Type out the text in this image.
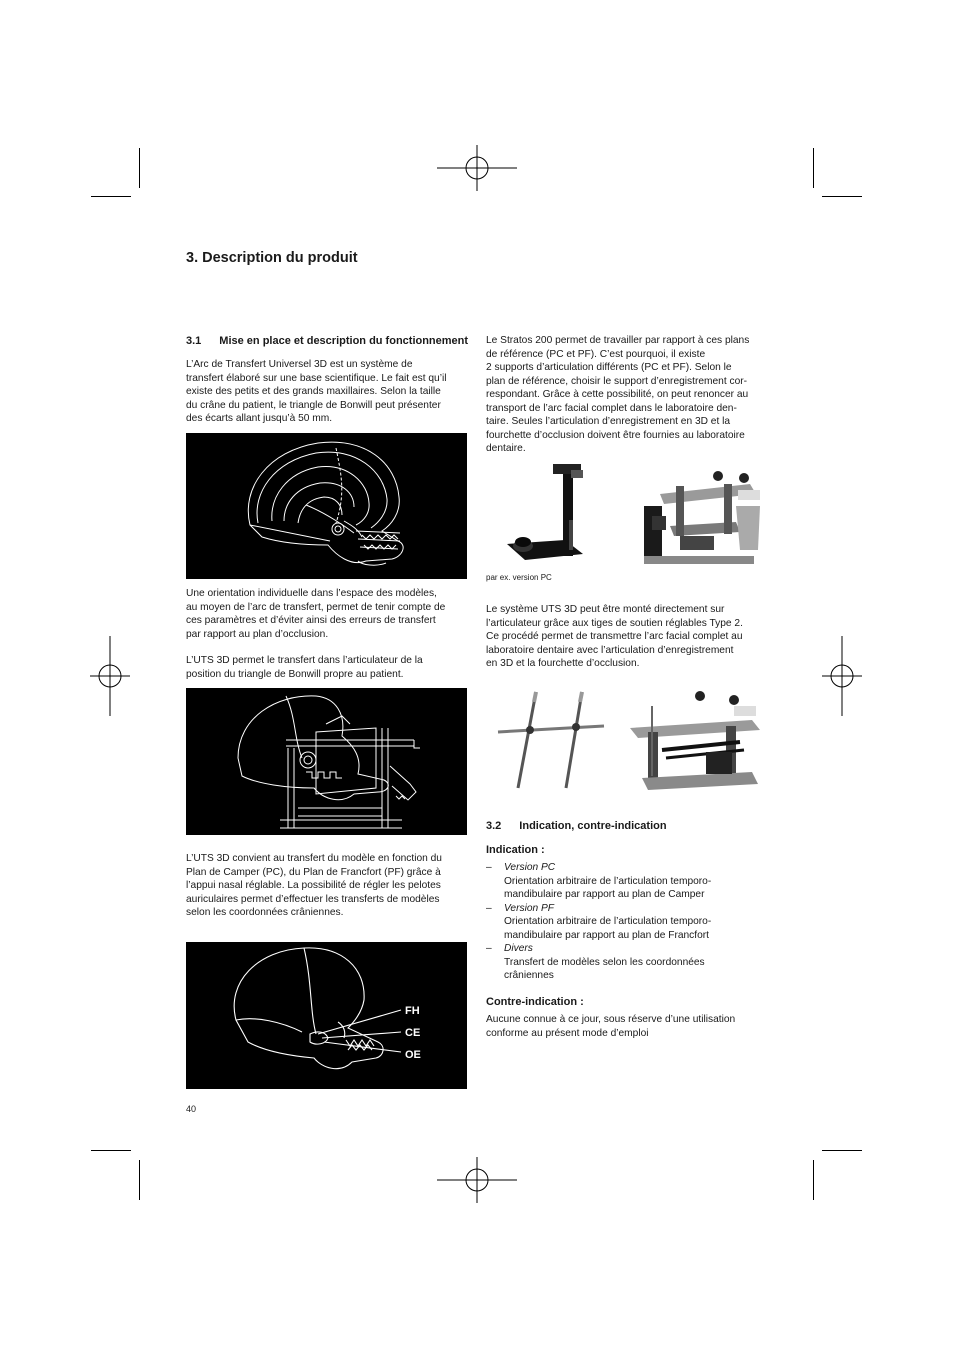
3. Description du produit
3.1 Mise en place et description du fonctionnement
L’Arc de Transfert Universel 3D est un système de
transfert élaboré sur une base scientifique. Le fait est qu’il
existe des petits et des grands maxillaires. Selon la taille
du crâne du patient, le triangle de Bonwill peut présenter
des écarts allant jusqu’à 50 mm.
Une orientation individuelle dans l’espace des modèles,
au moyen de l’arc de transfert, permet de tenir compte de
ces paramètres et d’éviter ainsi des erreurs de transfert
par rapport au plan d’occlusion.
L’UTS 3D permet le transfert dans l’articulateur de la
position du triangle de Bonwill propre au patient.
L’UTS 3D convient au transfert du modèle en fonction du
Plan de Camper (PC), du Plan de Francfort (PF) grâce à
l’appui nasal réglable. La possibilité de régler les pelotes
auriculaires permet d’effectuer les transferts de modèles
selon les coordonnées crâniennes.
FH
CE
OE
40
Le Stratos 200 permet de travailler par rapport à ces plans
de référence (PC et PF). C’est pourquoi, il existe
2 supports d’articulation différents (PC et PF). Selon le
plan de référence, choisir le support d’enregistrement cor-
respondant. Grâce à cette possibilité, on peut renoncer au
transport de l’arc facial complet dans le laboratoire den-
taire. Seules l’articulation d’enregistrement en 3D et la
fourchette d’occlusion doivent être fournies au laboratoire
dentaire.
par ex. version PC
Le système UTS 3D peut être monté directement sur
l’articulateur grâce aux tiges de soutien réglables Type 2.
Ce procédé permet de transmettre l’arc facial complet au
laboratoire dentaire avec l’articulation d’enregistrement
en 3D et la fourchette d’occlusion.
3.2 Indication, contre-indication
Indication :
– Version PC
Orientation arbitraire de l’articulation temporo-
mandibulaire par rapport au plan de Camper
– Version PF
Orientation arbitraire de l’articulation temporo-
mandibulaire par rapport au plan de Francfort
– Divers
Transfert de modèles selon les coordonnées
crâniennes
Contre-indication :
Aucune connue à ce jour, sous réserve d’une utilisation
conforme au présent mode d’emploi
